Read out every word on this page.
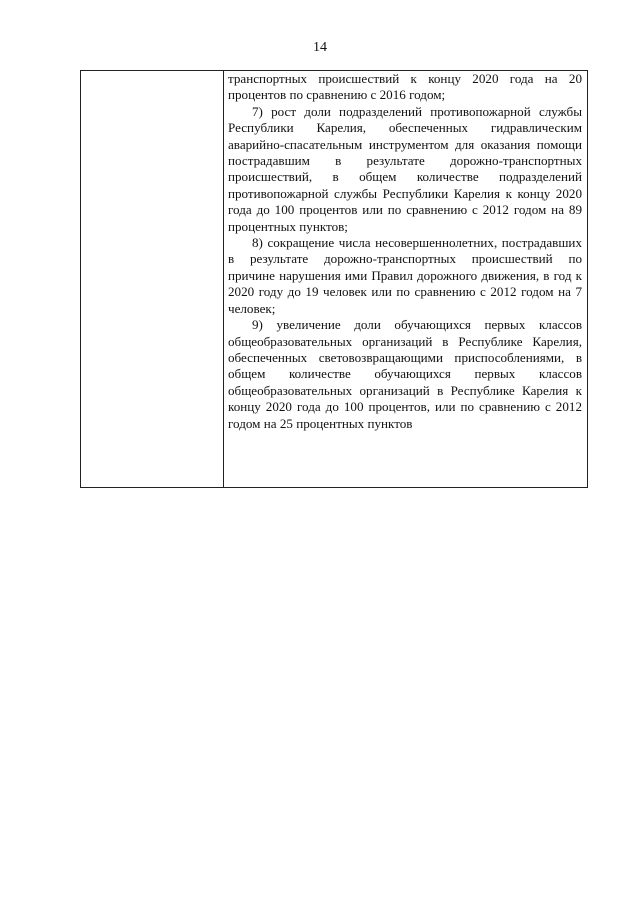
14

транспортных происшествий к концу 2020 года на 20 процентов по сравнению с 2016 годом;

7) рост доли подразделений противопожарной службы Республики Карелия, обеспеченных гидравлическим аварийно-спасательным инструментом для оказания помощи пострадавшим в результате дорожно-транспортных происшествий, в общем количестве подразделений противопожарной службы Республики Карелия к концу 2020 года до 100 процентов или по сравнению с 2012 годом на 89 процентных пунктов;

8) сокращение числа несовершеннолетних, пострадавших в результате дорожно-транспортных происшествий по причине нарушения ими Правил дорожного движения, в год к 2020 году до 19 человек или по сравнению с 2012 годом на 7 человек;

9) увеличение доли обучающихся первых классов общеобразовательных организаций в Республике Карелия, обеспеченных световозвращающими приспособлениями, в общем количестве обучающихся первых классов общеобразовательных организаций в Республике Карелия к концу 2020 года до 100 процентов, или по сравнению с 2012 годом на 25 процентных пунктов
